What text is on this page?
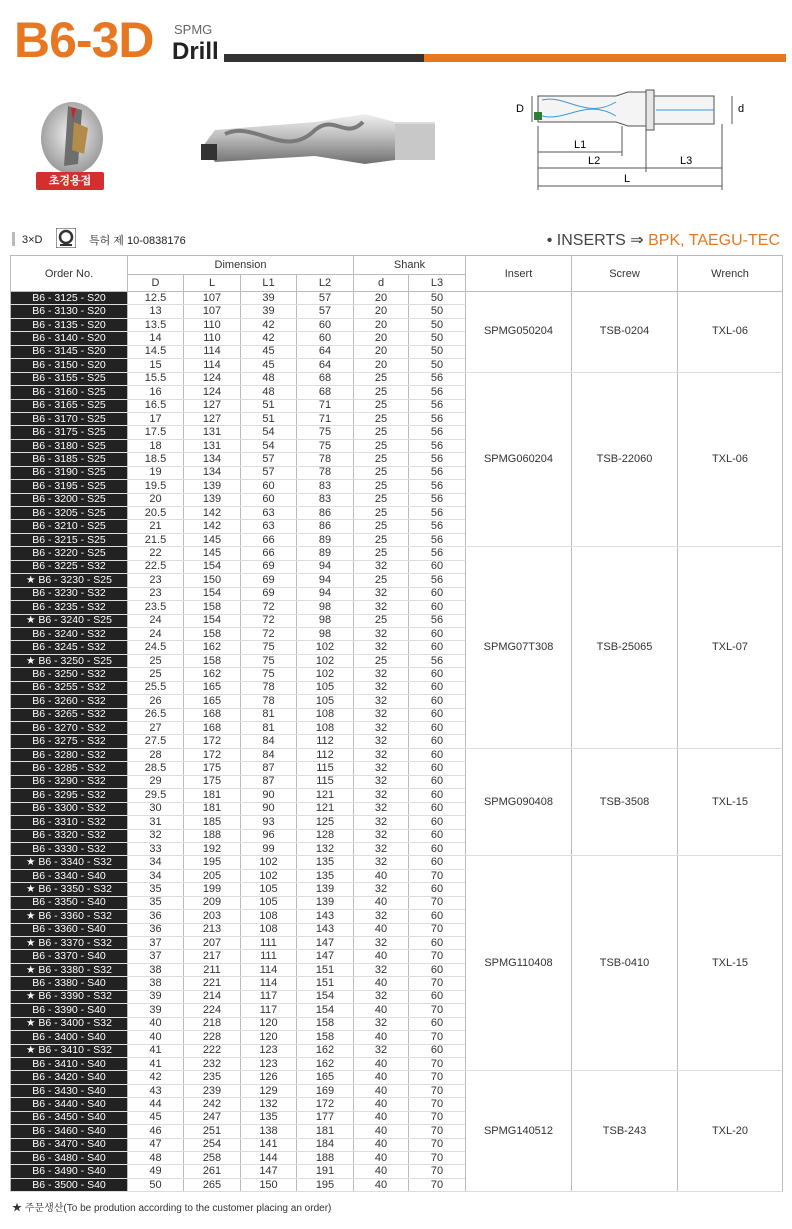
B6-3D SPMG
Drill
초경용접
D	d
L1
L2	L3
L
3×D	특허 제 10-0838176	• INSERTS ⇒ BPK, TAEGU-TEC
Order No.	Dimension				Shank		Insert	Screw	Wrench
	D	L	L1	L2	d	L3			
B6 - 3125 - S20	12.5	107	39	57	20	50	SPMG050204	TSB-0204	TXL-06
B6 - 3130 - S20	13	107	39	57	20	50			
B6 - 3135 - S20	13.5	110	42	60	20	50			
B6 - 3140 - S20	14	110	42	60	20	50			
B6 - 3145 - S20	14.5	114	45	64	20	50			
B6 - 3150 - S20	15	114	45	64	20	50			
B6 - 3155 - S25	15.5	124	48	68	25	56	SPMG060204	TSB-22060	TXL-06
B6 - 3160 - S25	16	124	48	68	25	56			
B6 - 3165 - S25	16.5	127	51	71	25	56			
B6 - 3170 - S25	17	127	51	71	25	56			
B6 - 3175 - S25	17.5	131	54	75	25	56			
B6 - 3180 - S25	18	131	54	75	25	56			
B6 - 3185 - S25	18.5	134	57	78	25	56			
B6 - 3190 - S25	19	134	57	78	25	56			
B6 - 3195 - S25	19.5	139	60	83	25	56			
B6 - 3200 - S25	20	139	60	83	25	56			
B6 - 3205 - S25	20.5	142	63	86	25	56			
B6 - 3210 - S25	21	142	63	86	25	56			
B6 - 3215 - S25	21.5	145	66	89	25	56			
B6 - 3220 - S25	22	145	66	89	25	56	SPMG07T308	TSB-25065	TXL-07
B6 - 3225 - S32	22.5	154	69	94	32	60			
★ B6 - 3230 - S25	23	150	69	94	25	56			
B6 - 3230 - S32	23	154	69	94	32	60			
B6 - 3235 - S32	23.5	158	72	98	32	60			
★ B6 - 3240 - S25	24	154	72	98	25	56			
B6 - 3240 - S32	24	158	72	98	32	60			
B6 - 3245 - S32	24.5	162	75	102	32	60			
★ B6 - 3250 - S25	25	158	75	102	25	56			
B6 - 3250 - S32	25	162	75	102	32	60			
B6 - 3255 - S32	25.5	165	78	105	32	60			
B6 - 3260 - S32	26	165	78	105	32	60			
B6 - 3265 - S32	26.5	168	81	108	32	60			
B6 - 3270 - S32	27	168	81	108	32	60			
B6 - 3275 - S32	27.5	172	84	112	32	60			
B6 - 3280 - S32	28	172	84	112	32	60	SPMG090408	TSB-3508	TXL-15
B6 - 3285 - S32	28.5	175	87	115	32	60			
B6 - 3290 - S32	29	175	87	115	32	60			
B6 - 3295 - S32	29.5	181	90	121	32	60			
B6 - 3300 - S32	30	181	90	121	32	60			
B6 - 3310 - S32	31	185	93	125	32	60			
B6 - 3320 - S32	32	188	96	128	32	60			
B6 - 3330 - S32	33	192	99	132	32	60			
★ B6 - 3340 - S32	34	195	102	135	32	60	SPMG110408	TSB-0410	TXL-15
B6 - 3340 - S40	34	205	102	135	40	70			
★ B6 - 3350 - S32	35	199	105	139	32	60			
B6 - 3350 - S40	35	209	105	139	40	70			
★ B6 - 3360 - S32	36	203	108	143	32	60			
B6 - 3360 - S40	36	213	108	143	40	70			
★ B6 - 3370 - S32	37	207	111	147	32	60			
B6 - 3370 - S40	37	217	111	147	40	70			
★ B6 - 3380 - S32	38	211	114	151	32	60			
B6 - 3380 - S40	38	221	114	151	40	70			
★ B6 - 3390 - S32	39	214	117	154	32	60			
B6 - 3390 - S40	39	224	117	154	40	70			
★ B6 - 3400 - S32	40	218	120	158	32	60			
B6 - 3400 - S40	40	228	120	158	40	70			
★ B6 - 3410 - S32	41	222	123	162	32	60			
B6 - 3410 - S40	41	232	123	162	40	70			
B6 - 3420 - S40	42	235	126	165	40	70	SPMG140512	TSB-243	TXL-20
B6 - 3430 - S40	43	239	129	169	40	70			
B6 - 3440 - S40	44	242	132	172	40	70			
B6 - 3450 - S40	45	247	135	177	40	70			
B6 - 3460 - S40	46	251	138	181	40	70			
B6 - 3470 - S40	47	254	141	184	40	70			
B6 - 3480 - S40	48	258	144	188	40	70			
B6 - 3490 - S40	49	261	147	191	40	70			
B6 - 3500 - S40	50	265	150	195	40	70			
★ 주문생산(To be prodution according to the customer placing an order)
